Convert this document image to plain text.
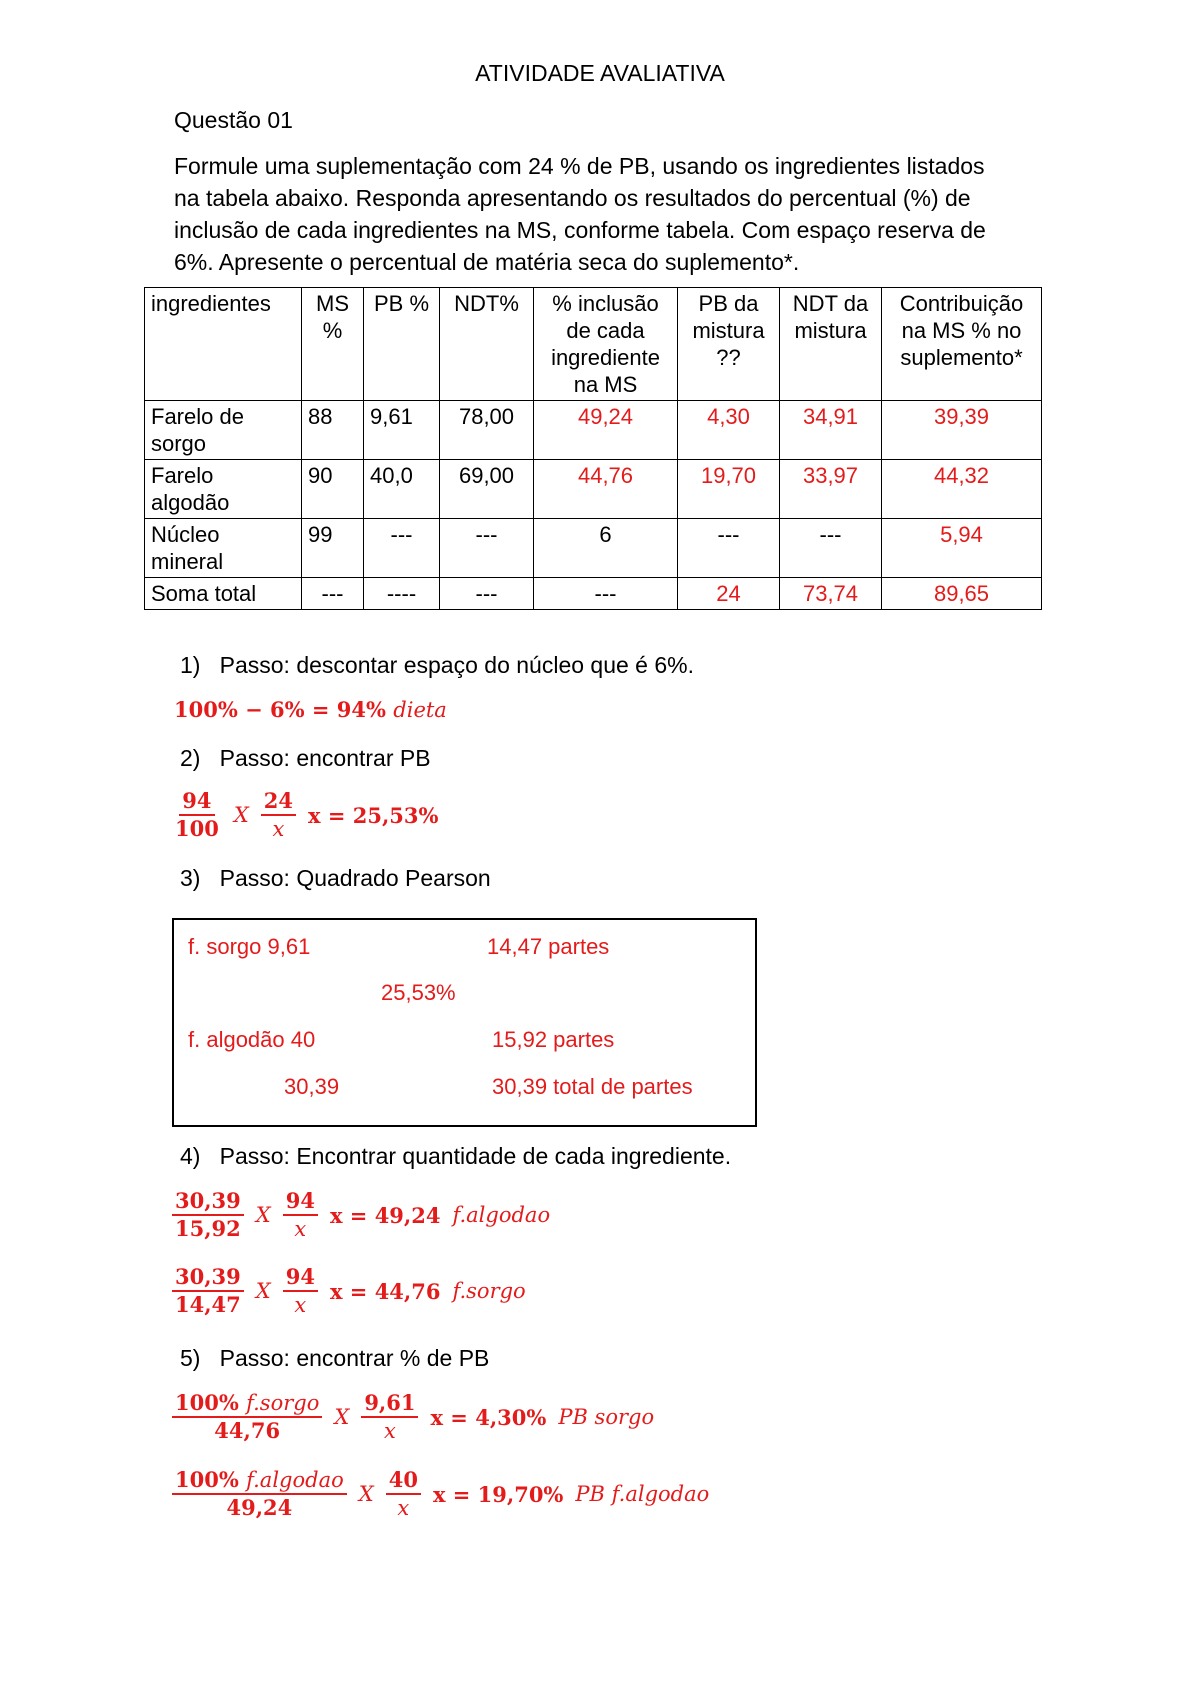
ATIVIDADE AVALIATIVA
Questão 01
Formule uma suplementação com 24 % de PB, usando os ingredientes listados
na tabela abaixo. Responda apresentando os resultados do percentual (%) de
inclusão de cada ingredientes na MS, conforme tabela. Com espaço reserva de
6%. Apresente o percentual de matéria seca do suplemento*.
ingredientes	MS %	PB %	NDT%	% inclusão de cada ingrediente na MS	PB da mistura ??	NDT da mistura	Contribuição na MS % no suplemento*
Farelo de sorgo	88	9,61	78,00	49,24	4,30	34,91	39,39
Farelo algodão	90	40,0	69,00	44,76	19,70	33,97	44,32
Núcleo mineral	99	---	---	6	---	---	5,94
Soma total	---	----	---	---	24	73,74	89,65
1) Passo: descontar espaço do núcleo que é 6%.
100% − 6% = 94% dieta
2) Passo: encontrar PB
$\frac{94}{100}$ X $\frac{24}{x}$ x = 25,53%
3) Passo: Quadrado Pearson
f. sorgo 9,61	14,47 partes
25,53%
f. algodão 40	15,92 partes
30,39	30,39 total de partes
4) Passo: Encontrar quantidade de cada ingrediente.
$\frac{30,39}{15,92}$ X $\frac{94}{x}$ x = 49,24 f.algodao
$\frac{30,39}{14,47}$ X $\frac{94}{x}$ x = 44,76 f.sorgo
5) Passo: encontrar % de PB
$\frac{\text{100\% f.sorgo}}{44,76}$ X $\frac{9,61}{x}$ x = 4,30% PB sorgo
$\frac{\text{100\% f.algodao}}{49,24}$ X $\frac{40}{x}$ x = 19,70% PB f.algodao
